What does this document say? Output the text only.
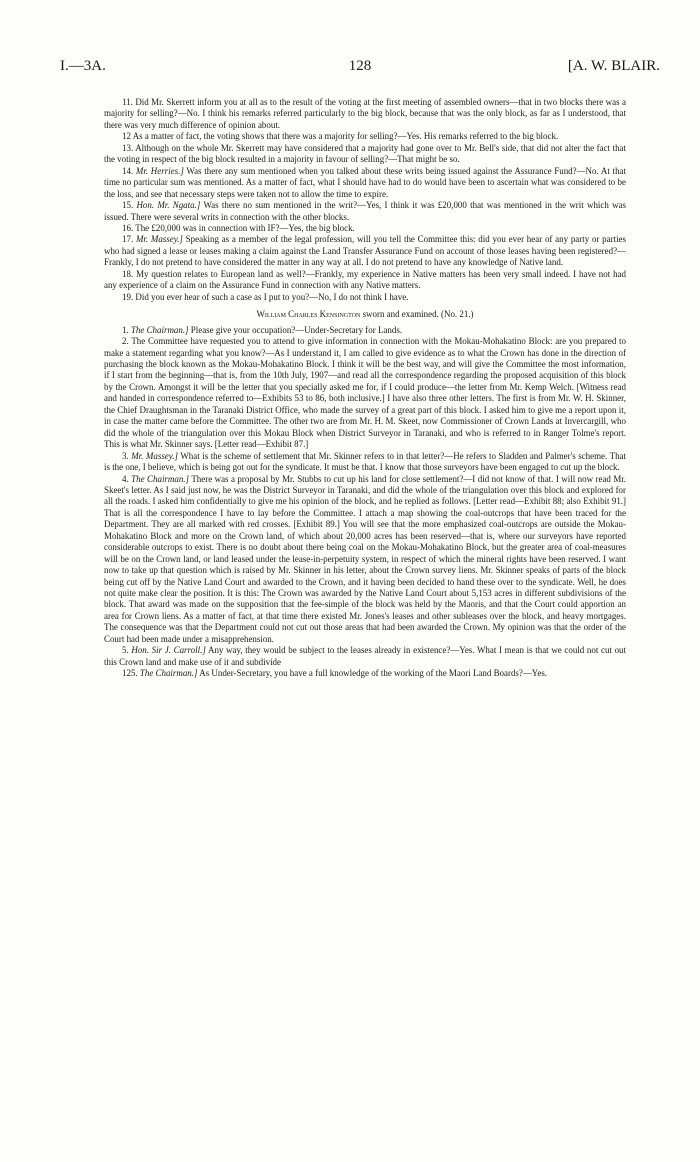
I.—3A.	128	[A. W. BLAIR.

11. Did Mr. Skerrett inform you at all as to the result of the voting at the first meeting of assembled owners—that in two blocks there was a majority for selling?—No. I think his remarks referred particularly to the big block, because that was the only block, as far as I understood, that there was very much difference of opinion about.

12 As a matter of fact, the voting shows that there was a majority for selling?—Yes. His remarks referred to the big block.

13. Although on the whole Mr. Skerrett may have considered that a majority had gone over to Mr. Bell's side, that did not alter the fact that the voting in respect of the big block resulted in a majority in favour of selling?—That might be so.

14. Mr. Herries.] Was there any sum mentioned when you talked about these writs being issued against the Assurance Fund?—No. At that time no particular sum was mentioned. As a matter of fact, what I should have had to do would have been to ascertain what was considered to be the loss, and see that necessary steps were taken not to allow the time to expire.

15. Hon. Mr. Ngata.] Was there no sum mentioned in the writ?—Yes, I think it was £20,000 that was mentioned in the writ which was issued. There were several writs in connection with the other blocks.

16. The £20,000 was in connection with IF?—Yes, the big block.

17. Mr. Massey.] Speaking as a member of the legal profession, will you tell the Committee this: did you ever hear of any party or parties who had signed a lease or leases making a claim against the Land Transfer Assurance Fund on account of those leases having been registered?—Frankly, I do not pretend to have considered the matter in any way at all. I do not pretend to have any knowledge of Native land.

18. My question relates to European land as well?—Frankly, my experience in Native matters has been very small indeed. I have not had any experience of a claim on the Assurance Fund in connection with any Native matters.

19. Did you ever hear of such a case as I put to you?—No, I do not think I have.

William Charles Kensington sworn and examined. (No. 21.)

1. The Chairman.] Please give your occupation?—Under-Secretary for Lands.

2. The Committee have requested you to attend to give information in connection with the Mokau-Mohakatino Block: are you prepared to make a statement regarding what you know?—As I understand it, I am called to give evidence as to what the Crown has done in the direction of purchasing the block known as the Mokau-Mohakatino Block. I think it will be the best way, and will give the Committee the most information, if I start from the beginning—that is, from the 10th July, 1907—and read all the correspondence regarding the proposed acquisition of this block by the Crown. Amongst it will be the letter that you specially asked me for, if I could produce—the letter from Mr. Kemp Welch. [Witness read and handed in correspondence referred to—Exhibits 53 to 86, both inclusive.] I have also three other letters. The first is from Mr. W. H. Skinner, the Chief Draughtsman in the Taranaki District Office, who made the survey of a great part of this block. I asked him to give me a report upon it, in case the matter came before the Committee. The other two are from Mr. H. M. Skeet, now Commissioner of Crown Lands at Invercargill, who did the whole of the triangulation over this Mokau Block when District Surveyor in Taranaki, and who is referred to in Ranger Tolme's report. This is what Mr. Skinner says. [Letter read—Exhibit 87.]

3. Mr. Massey.] What is the scheme of settlement that Mr. Skinner refers to in that letter?—He refers to Sladden and Palmer's scheme. That is the one, I believe, which is being got out for the syndicate. It must be that. I know that those surveyors have been engaged to cut up the block.

4. The Chairman.] There was a proposal by Mr. Stubbs to cut up his land for close settlement?—I did not know of that. I will now read Mr. Skeet's letter. As I said just now, he was the District Surveyor in Taranaki, and did the whole of the triangulation over this block and explored for all the roads. I asked him confidentially to give me his opinion of the block, and he replied as follows. [Letter read—Exhibit 88; also Exhibit 91.] That is all the correspondence I have to lay before the Committee. I attach a map showing the coal-outcrops that have been traced for the Department. They are all marked with red crosses. [Exhibit 89.] You will see that the more emphasized coal-outcrops are outside the Mokau-Mohakatino Block and more on the Crown land, of which about 20,000 acres has been reserved—that is, where our surveyors have reported considerable outcrops to exist. There is no doubt about there being coal on the Mokau-Mohakatino Block, but the greater area of coal-measures will be on the Crown land, or land leased under the lease-in-perpetuity system, in respect of which the mineral rights have been reserved. I want now to take up that question which is raised by Mr. Skinner in his letter, about the Crown survey liens. Mr. Skinner speaks of parts of the block being cut off by the Native Land Court and awarded to the Crown, and it having been decided to hand these over to the syndicate. Well, he does not quite make clear the position. It is this: The Crown was awarded by the Native Land Court about 5,153 acres in different subdivisions of the block. That award was made on the supposition that the fee-simple of the block was held by the Maoris, and that the Court could apportion an area for Crown liens. As a matter of fact, at that time there existed Mr. Jones's leases and other subleases over the block, and heavy mortgages. The consequence was that the Department could not cut out those areas that had been awarded the Crown. My opinion was that the order of the Court had been made under a misapprehension.

5. Hon. Sir J. Carroll.] Any way, they would be subject to the leases already in existence?—Yes. What I mean is that we could not cut out this Crown land and make use of it and subdivide

125. The Chairman.] As Under-Secretary, you have a full knowledge of the working of the Maori Land Boards?—Yes.
